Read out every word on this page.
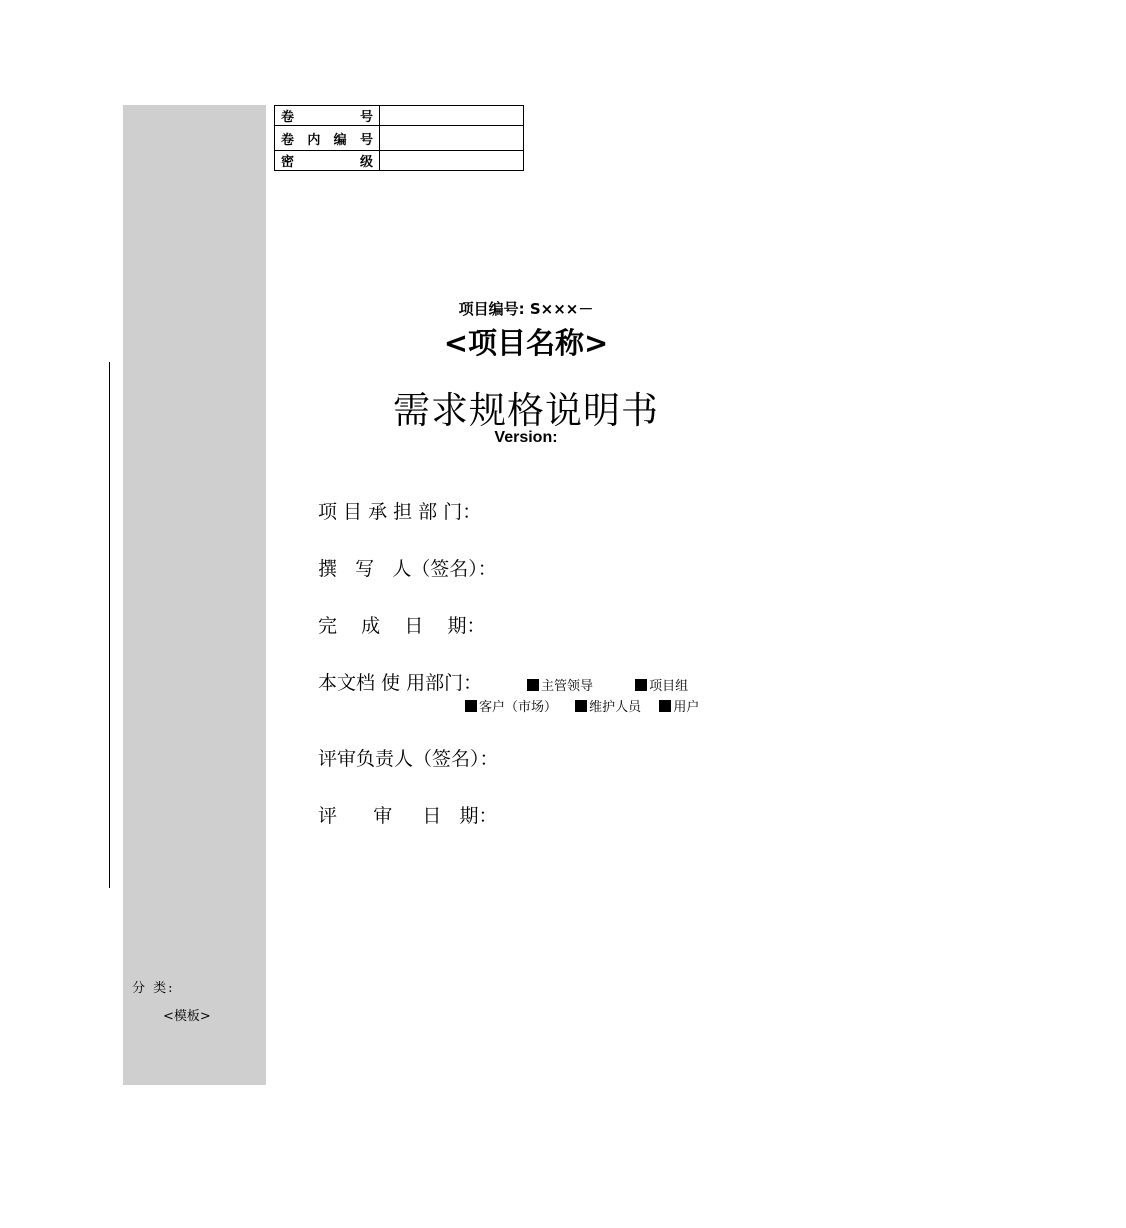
卷 号	

卷 内 编 号	

密 级	

项目编号: S×××－
<项目名称>
需求规格说明书
Version:
项 目 承 担 部 门：
撰   写   人（签名）：
完    成    日    期：
本文档 使 用部门：	主管领导
	项目组
客户（市场）
维护人员
用户
评审负责人（签名）：
评      审     日   期：
分 类:
<模板>
